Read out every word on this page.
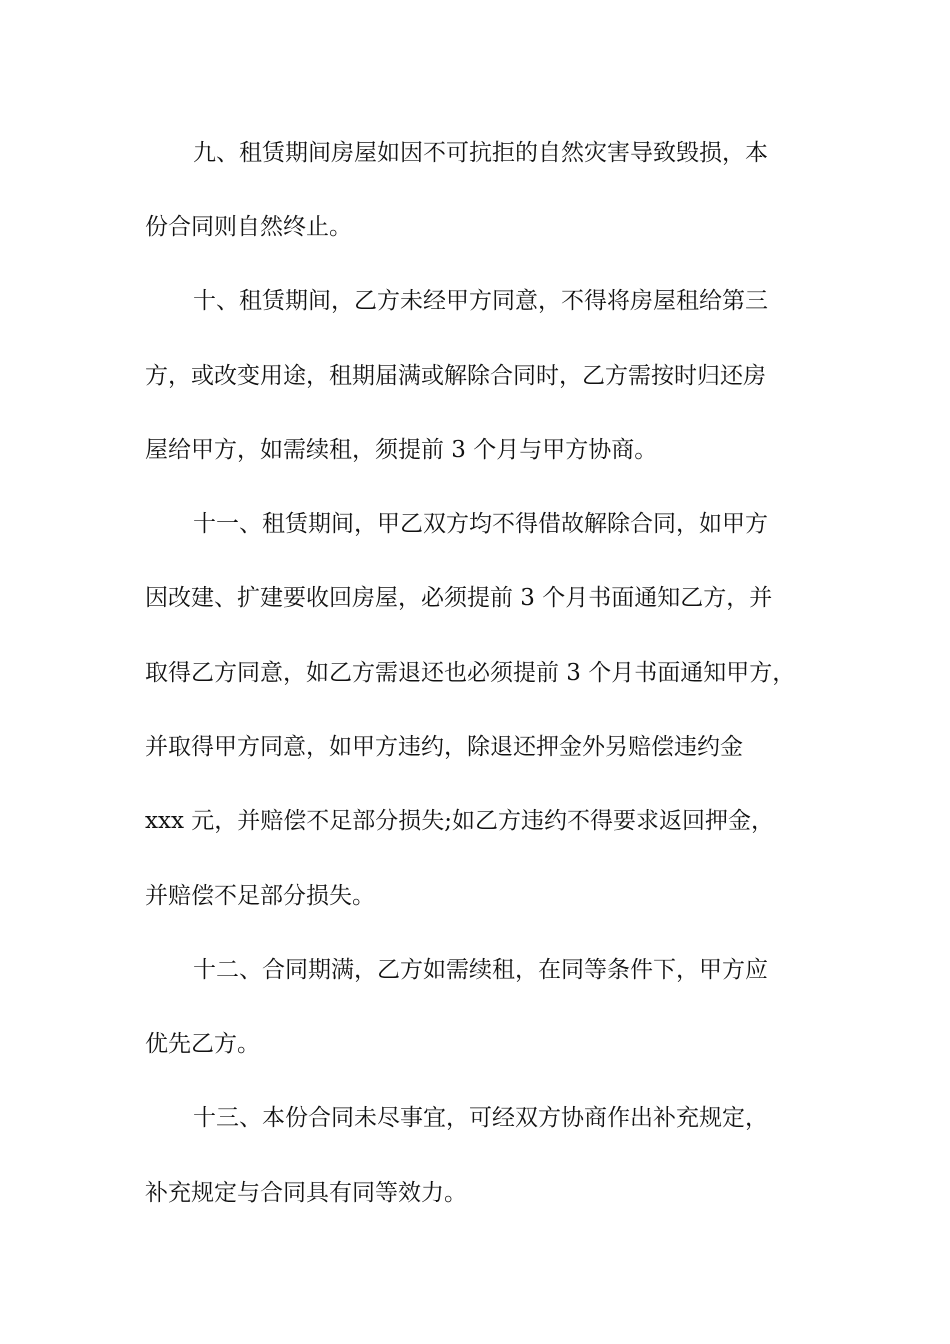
九、租赁期间房屋如因不可抗拒的自然灾害导致毁损，本
份合同则自然终止。
十、租赁期间，乙方未经甲方同意，不得将房屋租给第三
方，或改变用途，租期届满或解除合同时，乙方需按时归还房
屋给甲方，如需续租，须提前 3 个月与甲方协商。
十一、租赁期间，甲乙双方均不得借故解除合同，如甲方
因改建、扩建要收回房屋，必须提前 3 个月书面通知乙方，并
取得乙方同意，如乙方需退还也必须提前 3 个月书面通知甲方，
并取得甲方同意，如甲方违约，除退还押金外另赔偿违约金
xxx 元，并赔偿不足部分损失;如乙方违约不得要求返回押金，
并赔偿不足部分损失。
十二、合同期满，乙方如需续租，在同等条件下，甲方应
优先乙方。
十三、本份合同未尽事宜，可经双方协商作出补充规定，
补充规定与合同具有同等效力。
